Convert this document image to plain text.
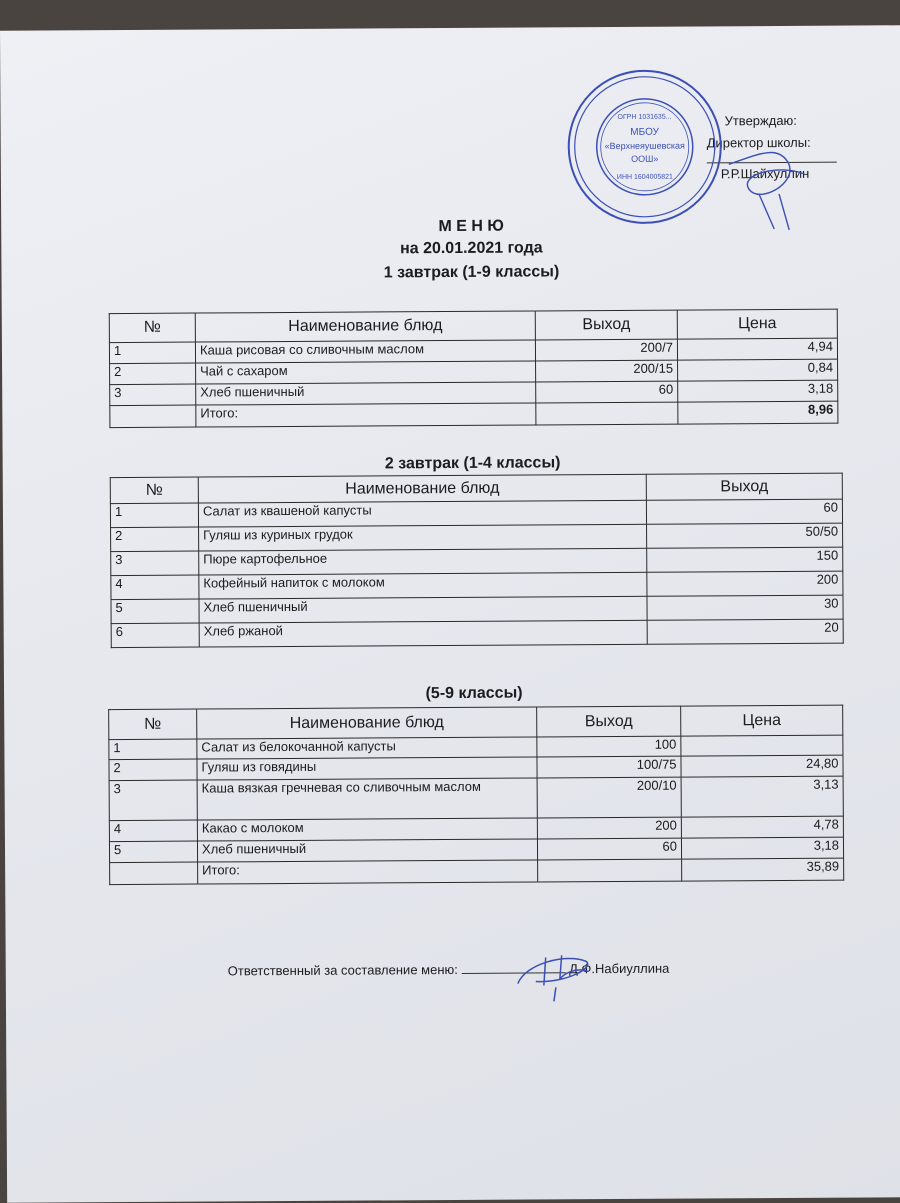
Утверждаю:
Директор школы:
Р.Р.Шайхуллин
МБОУ
«Верхнеяушевская
ООШ»
ОГРН 1031635...
ИНН 1604005821
М Е Н Ю
на 20.01.2021 года
1 завтрак (1-9 классы)
№	Наименование блюд	Выход	Цена
1	Каша рисовая со сливочным маслом	200/7	4,94
2	Чай с сахаром	200/15	0,84
3	Хлеб пшеничный	60	3,18
	Итого:		8,96
2 завтрак (1-4 классы)
№	Наименование блюд	Выход
1	Салат из квашеной капусты	60
2	Гуляш из куриных грудок	50/50
3	Пюре картофельное	150
4	Кофейный напиток с молоком	200
5	Хлеб пшеничный	30
6	Хлеб ржаной	20
(5-9 классы)
№	Наименование блюд	Выход	Цена
1	Салат из белокочанной капусты	100	
2	Гуляш из говядины	100/75	24,80
3	Каша вязкая гречневая со сливочным маслом	200/10	3,13
4	Какао с молоком	200	4,78
5	Хлеб пшеничный	60	3,18
	Итого:		35,89
Ответственный за составление меню:	Д.Ф.Набиуллина
